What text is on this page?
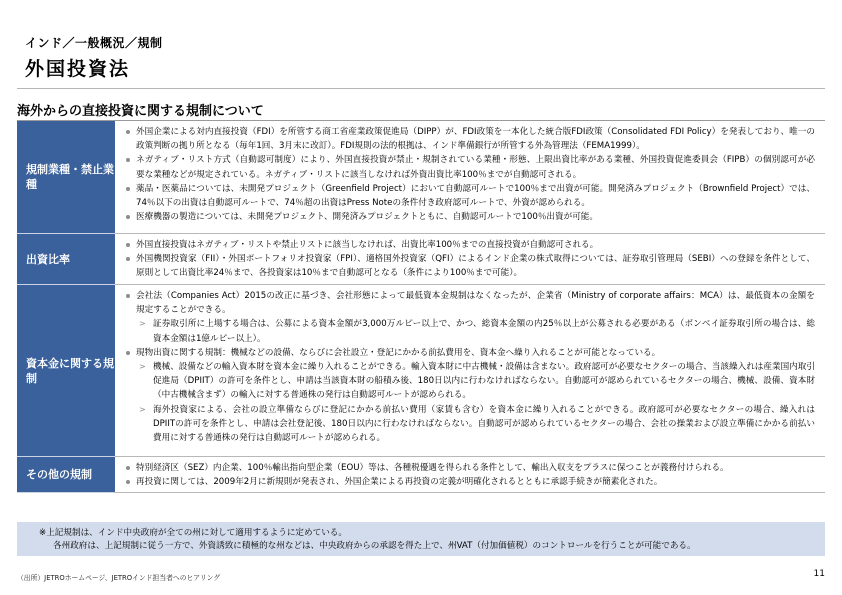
インド／一般概況／規制
外国投資法
海外からの直接投資に関する規制について
規制業種・禁止業種
外国企業による対内直接投資（FDI）を所管する商工省産業政策促進局（DIPP）が、FDI政策を一本化した統合版FDI政策（Consolidated FDI Policy）を発表しており、唯一の政策判断の拠り所となる（毎年1回、3月末に改訂）。FDI規則の法的根拠は、インド準備銀行が所管する外為管理法（FEMA1999）。
ネガティブ・リスト方式（自動認可制度）により、外国直接投資が禁止・規制されている業種・形態、上限出資比率がある業種、外国投資促進委員会（FIPB）の個別認可が必要な業種などが規定されている。ネガティブ・リストに該当しなければ外資出資比率100％までが自動認可される。
薬品・医薬品については、未開発プロジェクト（Greenfield Project）において自動認可ルートで100％まで出資が可能。開発済みプロジェクト（Brownfield Project）では、74％以下の出資は自動認可ルートで、74％超の出資はPress Noteの条件付き政府認可ルートで、外資が認められる。
医療機器の製造については、未開発プロジェクト、開発済みプロジェクトともに、自動認可ルートで100％出資が可能。
出資比率
外国直接投資はネガティブ・リストや禁止リストに該当しなければ、出資比率100％までの直接投資が自動認可される。
外国機関投資家（FII）・外国ポートフォリオ投資家（FPI）、適格国外投資家（QFI）によるインド企業の株式取得については、証券取引管理局（SEBI）への登録を条件として、原則として出資比率24％まで、各投資家は10％まで自動認可となる（条件により100％まで可能）。
資本金に関する規制
会社法（Companies Act）2015の改正に基づき、会社形態によって最低資本金規制はなくなったが、企業省（Ministry of corporate affairs：MCA）は、最低資本の金額を規定することができる。
> 証券取引所に上場する場合は、公募による資本金額が3,000万ルピー以上で、かつ、総資本金額の内25％以上が公募される必要がある（ボンベイ証券取引所の場合は、総資本金額は1億ルピー以上）。
現物出資に関する規制：機械などの設備、ならびに会社設立・登記にかかる前払費用を、資本金へ繰り入れることが可能となっている。
> 機械、設備などの輸入資本財を資本金に繰り入れることができる。輸入資本財に中古機械・設備は含まない。政府認可が必要なセクターの場合、当該繰入れは産業国内取引促進局（DPIIT）の許可を条件とし、申請は当該資本財の船積み後、180日以内に行わなければならない。自動認可が認められているセクターの場合、機械、設備、資本財（中古機械含まず）の輸入に対する普通株の発行は自動認可ルートが認められる。
> 海外投資家による、会社の設立準備ならびに登記にかかる前払い費用（家賃も含む）を資本金に繰り入れることができる。政府認可が必要なセクターの場合、繰入れはDPIITの許可を条件とし、申請は会社登記後、180日以内に行わなければならない。自動認可が認められているセクターの場合、会社の操業および設立準備にかかる前払い費用に対する普通株の発行は自動認可ルートが認められる。
その他の規制
特別経済区（SEZ）内企業、100％輸出指向型企業（EOU）等は、各種税優遇を得られる条件として、輸出入収支をプラスに保つことが義務付けられる。
再投資に関しては、2009年2月に新規則が発表され、外国企業による再投資の定義が明確化されるとともに承認手続きが簡素化された。
※上記規制は、インド中央政府が全ての州に対して適用するように定めている。
各州政府は、上記規制に従う一方で、外資誘致に積極的な州などは、中央政府からの承認を得た上で、州VAT（付加価値税）のコントロールを行うことが可能である。
（出所）JETROホームページ、JETROインド担当者へのヒアリング	11
